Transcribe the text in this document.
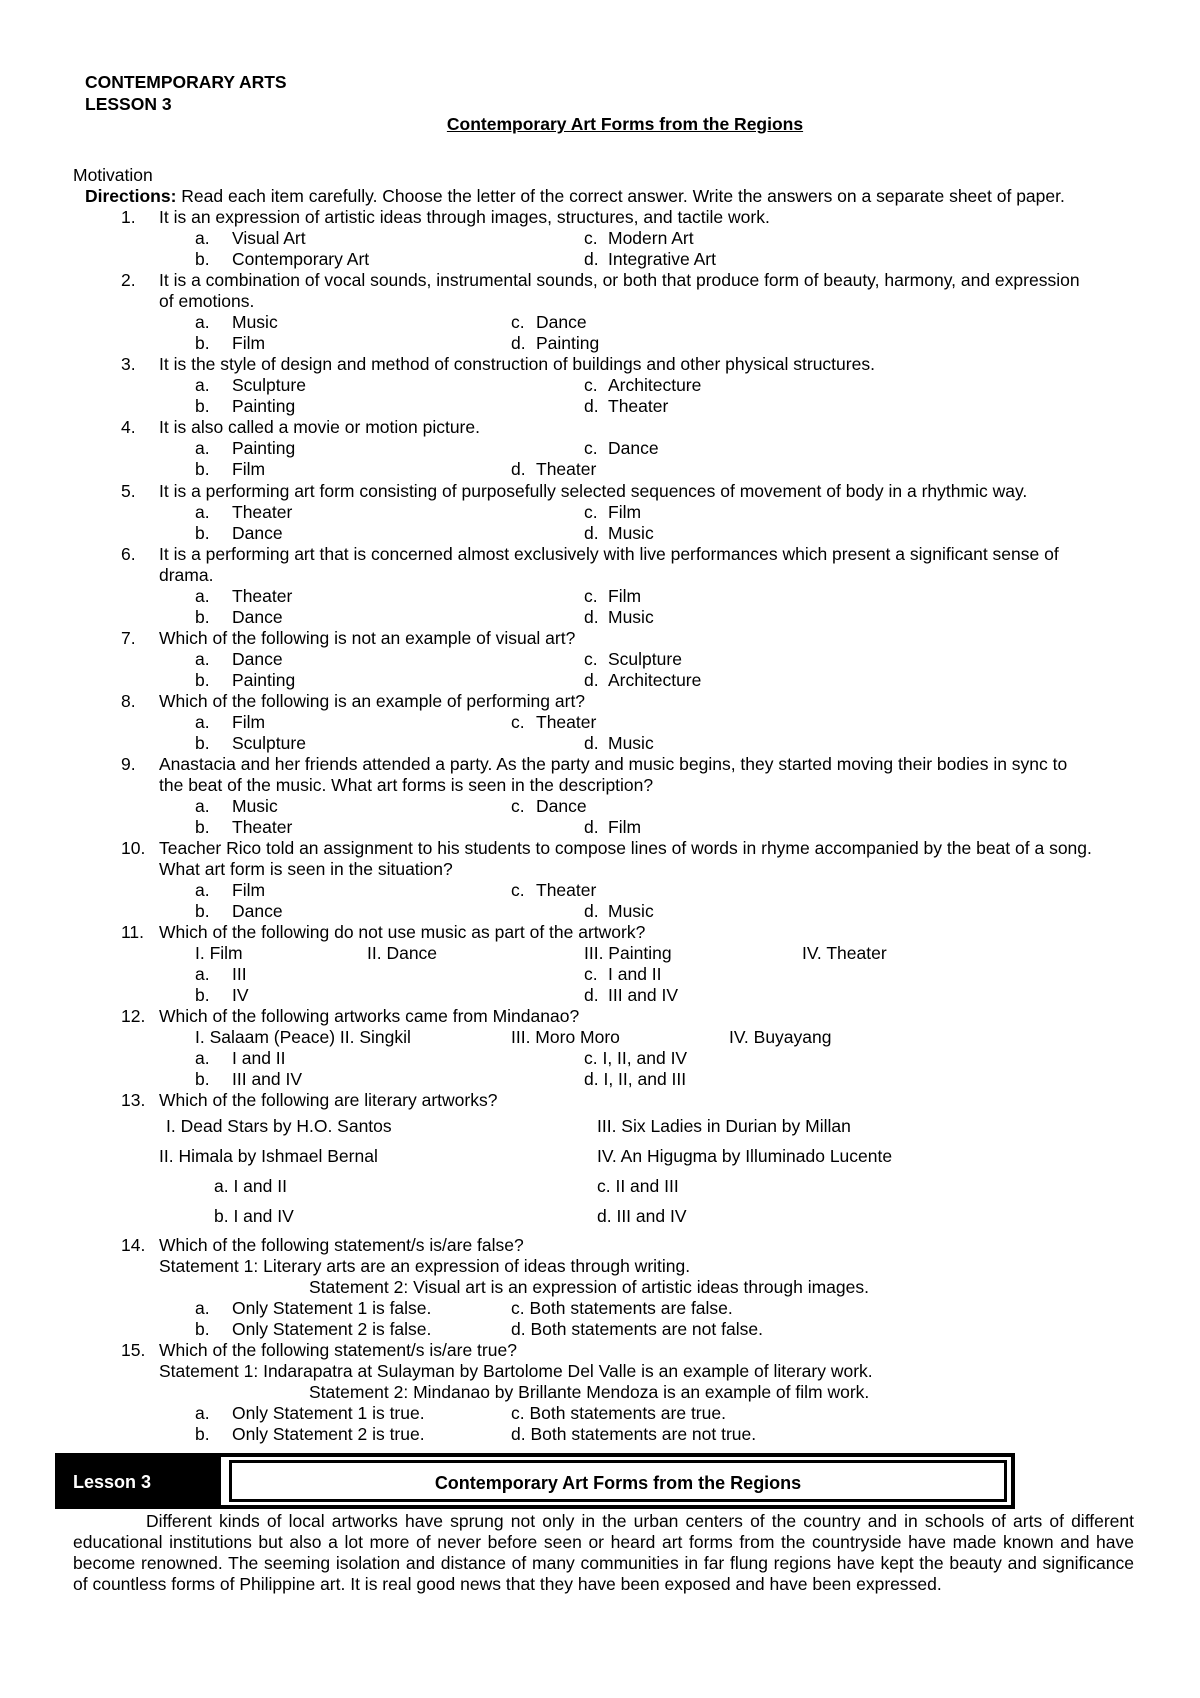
CONTEMPORARY ARTS
LESSON 3
Contemporary Art Forms from the Regions
Motivation
Directions: Read each item carefully. Choose the letter of the correct answer. Write the answers on a separate sheet of paper.
1. It is an expression of artistic ideas through images, structures, and tactile work.
a. Visual Art	c. Modern Art
b. Contemporary Art	d. Integrative Art
2. It is a combination of vocal sounds, instrumental sounds, or both that produce form of beauty, harmony, and expression
of emotions.
a. Music	c. Dance
b. Film	d. Painting
3. It is the style of design and method of construction of buildings and other physical structures.
a. Sculpture	c. Architecture
b. Painting	d. Theater
4. It is also called a movie or motion picture.
a. Painting	c. Dance
b. Film	d. Theater
5. It is a performing art form consisting of purposefully selected sequences of movement of body in a rhythmic way.
a. Theater	c. Film
b. Dance	d. Music
6. It is a performing art that is concerned almost exclusively with live performances which present a significant sense of
drama.
a. Theater	c. Film
b. Dance	d. Music
7. Which of the following is not an example of visual art?
a. Dance	c. Sculpture
b. Painting	d. Architecture
8. Which of the following is an example of performing art?
a. Film	c. Theater
b. Sculpture	d. Music
9. Anastacia and her friends attended a party. As the party and music begins, they started moving their bodies in sync to
the beat of the music. What art forms is seen in the description?
a. Music	c. Dance
b. Theater	d. Film
10. Teacher Rico told an assignment to his students to compose lines of words in rhyme accompanied by the beat of a song.
What art form is seen in the situation?
a. Film	c. Theater
b. Dance	d. Music
11. Which of the following do not use music as part of the artwork?
I. Film	II. Dance	III. Painting	IV. Theater
a. III	c. I and II
b. IV	d. III and IV
12. Which of the following artworks came from Mindanao?
I. Salaam (Peace) II. Singkil	III. Moro Moro	IV. Buyayang
a. I and II	c. I, II, and IV
b. III and IV	d. I, II, and III
13. Which of the following are literary artworks?
I. Dead Stars by H.O. Santos	III. Six Ladies in Durian by Millan
II. Himala by Ishmael Bernal	IV. An Higugma by Illuminado Lucente
a. I and II	c. II and III
b. I and IV	d. III and IV
14. Which of the following statement/s is/are false?
Statement 1: Literary arts are an expression of ideas through writing.
Statement 2: Visual art is an expression of artistic ideas through images.
a. Only Statement 1 is false.	c. Both statements are false.
b. Only Statement 2 is false.	d. Both statements are not false.
15. Which of the following statement/s is/are true?
Statement 1: Indarapatra at Sulayman by Bartolome Del Valle is an example of literary work.
Statement 2: Mindanao by Brillante Mendoza is an example of film work.
a. Only Statement 1 is true.	c. Both statements are true.
b. Only Statement 2 is true.	d. Both statements are not true.
Lesson 3	Contemporary Art Forms from the Regions
Different kinds of local artworks have sprung not only in the urban centers of the country and in schools of arts of different educational institutions but also a lot more of never before seen or heard art forms from the countryside have made known and have become renowned. The seeming isolation and distance of many communities in far flung regions have kept the beauty and significance of countless forms of Philippine art. It is real good news that they have been exposed and have been expressed.
